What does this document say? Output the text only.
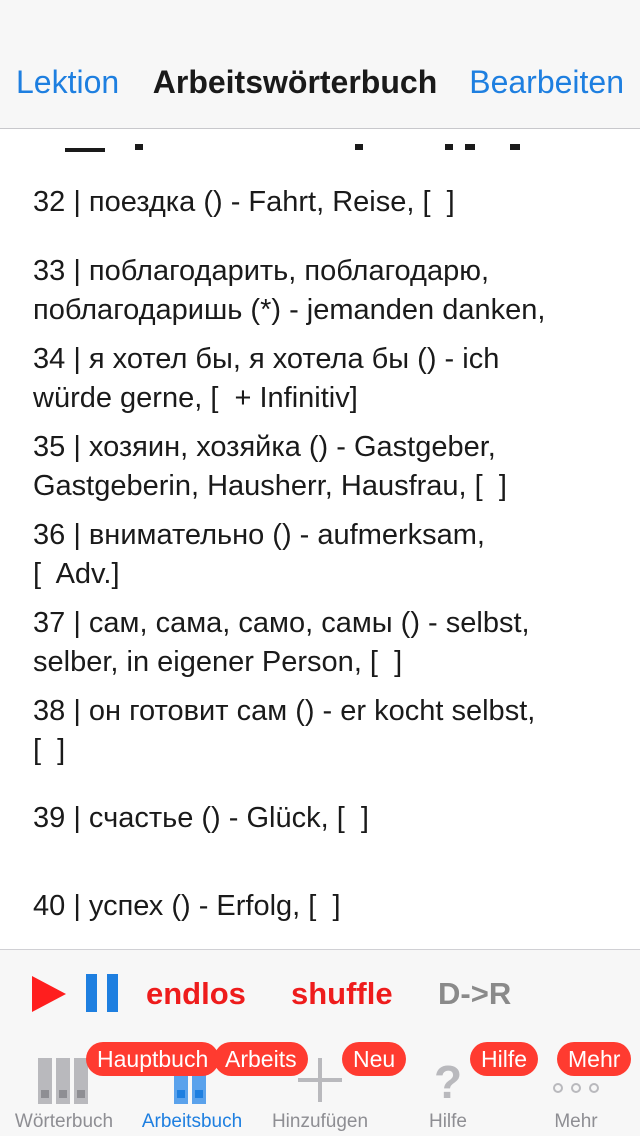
Lektion	Arbeitswörterbuch Bearbeiten

32 | поездка () - Fahrt, Reise, [  ]
33 | поблагодарить, поблагодарю,
поблагодаришь (*) - jemanden danken,
34 | я хотел бы, я хотела бы () - ich
würde gerne, [  + Infinitiv]
35 | хозяин, хозяйка () - Gastgeber,
Gastgeberin, Hausherr, Hausfrau, [  ]
36 | внимательно () - aufmerksam,
[  Adv.]
37 | сам, сама, само, самы () - selbst,
selber, in eigener Person, [  ]
38 | он готовит сам () - er kocht selbst,
[  ]
39 | счастье () - Glück, [  ]
40 | успех () - Erfolg, [  ]
endlos shuffle D->R
Wörterbuch	Arbeitsbuch	Hinzufügen
?
Hilfe	Mehr
Hauptbuch Arbeits	Neu	Hilfe	Mehr
